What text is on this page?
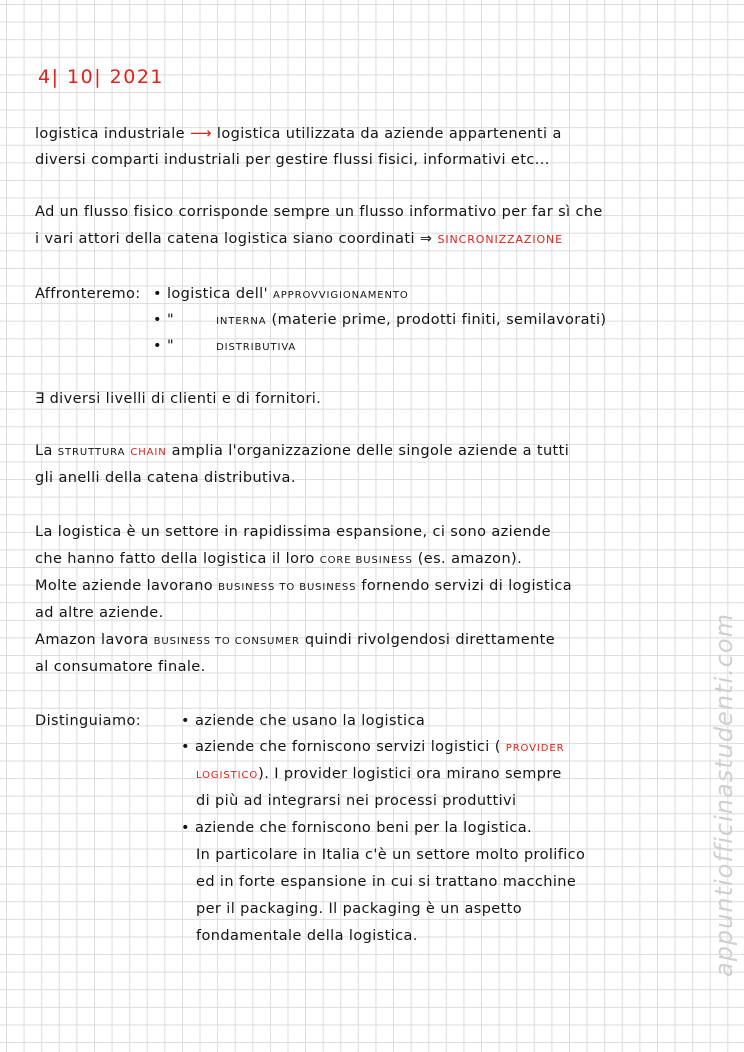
4| 10| 2021
logistica industriale ⟶ logistica utilizzata da aziende appartenenti a
diversi comparti industriali per gestire flussi fisici, informativi etc...
Ad un flusso fisico corrisponde sempre un flusso informativo per far sì che
i vari attori della catena logistica siano coordinati ⇒ SINCRONIZZAZIONE
Affronteremo: • logistica dell' APPROVVIGIONAMENTO
• "	INTERNA (materie prime, prodotti finiti, semilavorati)
• "	DISTRIBUTIVA
∃ diversi livelli di clienti e di fornitori.
La STRUTTURA CHAIN amplia l'organizzazione delle singole aziende a tutti
gli anelli della catena distributiva.
La logistica è un settore in rapidissima espansione, ci sono aziende
che hanno fatto della logistica il loro CORE BUSINESS (es. amazon).
Molte aziende lavorano BUSINESS TO BUSINESS fornendo servizi di logistica
ad altre aziende.
Amazon lavora BUSINESS TO CONSUMER quindi rivolgendosi direttamente
al consumatore finale.
Distinguiamo:	• aziende che usano la logistica
• aziende che forniscono servizi logistici ( PROVIDER
LOGISTICO). I provider logistici ora mirano sempre
di più ad integrarsi nei processi produttivi
• aziende che forniscono beni per la logistica.
In particolare in Italia c'è un settore molto prolifico
ed in forte espansione in cui si trattano macchine
per il packaging. Il packaging è un aspetto
fondamentale della logistica.	appuntiofficinastudenti.com
